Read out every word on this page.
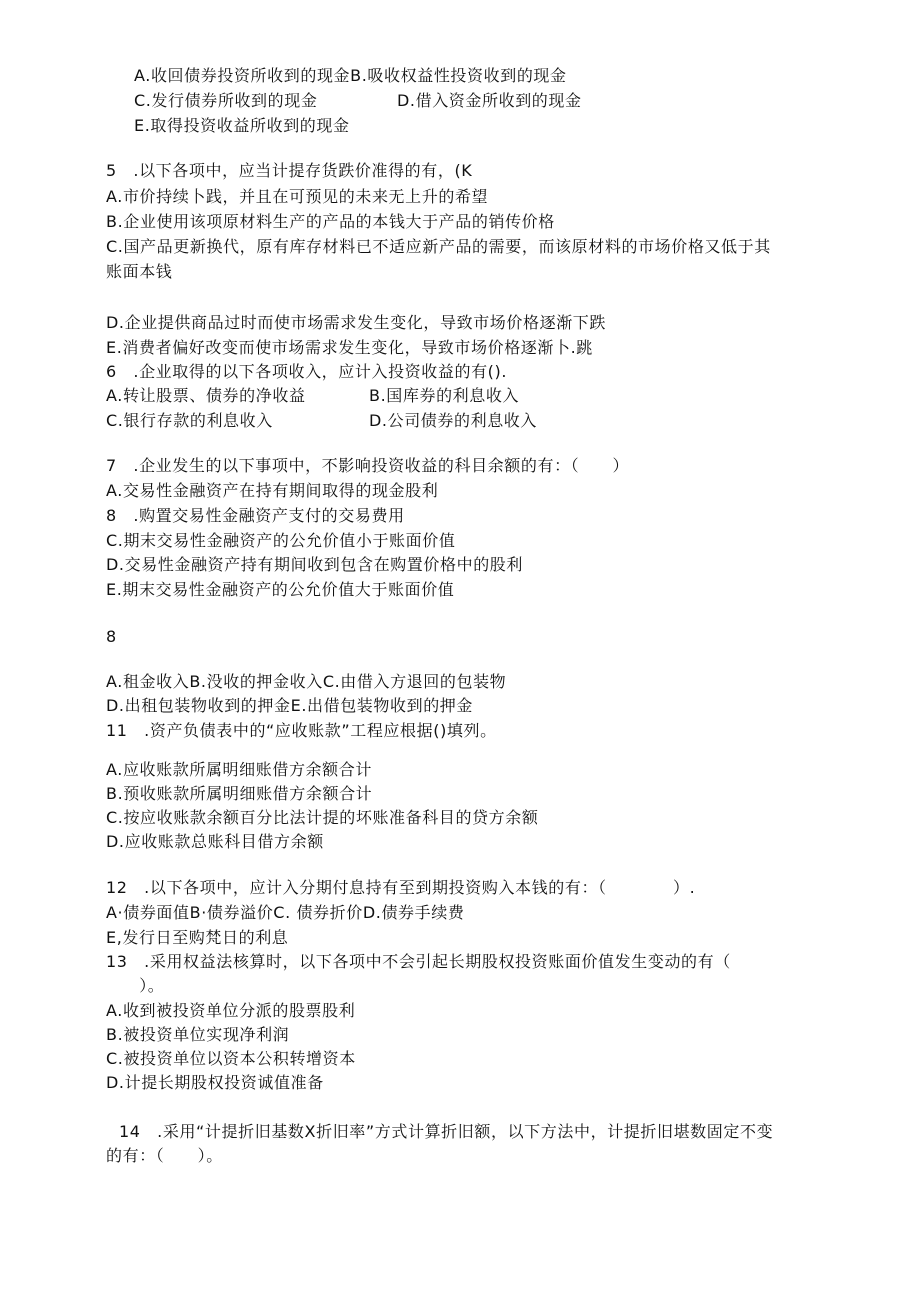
A.收回债券投资所收到的现金B.吸收权益性投资收到的现金
C.发行债券所收到的现金	D.借入资金所收到的现金
E.取得投资收益所收到的现金
5　.以下各项中，应当计提存货跌价准得的有，(K
A.市价持续卜践，并且在可预见的未来无上升的希望
B.企业使用该项原材料生产的产品的本钱大于产品的销传价格
C.国产品更新换代，原有库存材料已不适应新产品的需要，而该原材料的市场价格又低于其
账面本钱
D.企业提供商品过时而使市场需求发生变化，导致市场价格逐渐下跌
E.消费者偏好改变而使市场需求发生变化，导致市场价格逐渐卜.跳
6　.企业取得的以下各项收入，应计入投资收益的有().
A.转让股票、债券的净收益	B.国库券的利息收入
C.银行存款的利息收入	D.公司债券的利息收入
7　.企业发生的以下事项中，不影响投资收益的科目余额的有：（　　）
A.交易性金融资产在持有期间取得的现金股利
8　.购置交易性金融资产支付的交易费用
C.期末交易性金融资产的公允价值小于账面价值
D.交易性金融资产持有期间收到包含在购置价格中的股利
E.期末交易性金融资产的公允价值大于账面价值
8
A.租金收入B.没收的押金收入C.由借入方退回的包装物
D.出租包装物收到的押金E.出借包装物收到的押金
11　.资产负债表中的“应收账款”工程应根据()填列。
A.应收账款所属明细账借方余额合计
B.预收账款所属明细账借方余额合计
C.按应收账款余额百分比法计提的坏账准备科目的贷方余额
D.应收账款总账科目借方余额
12　.以下各项中，应计入分期付息持有至到期投资购入本钱的有：（　　　　）.
A·债券面值B·债券溢价C. 债券折价D.债券手续费
E,发行日至购梵日的利息
13　.采用权益法核算时，以下各项中不会引起长期股权投资账面价值发生变动的有（
　　）。
A.收到被投资单位分派的股票股利
B.被投资单位实现净利润
C.被投资单位以资本公积转增资本
D.计提长期股权投资诚值准备
14　.采用“计提折旧基数X折旧率”方式计算折旧额，以下方法中，计提折旧堪数固定不变
的有：（　　）。
